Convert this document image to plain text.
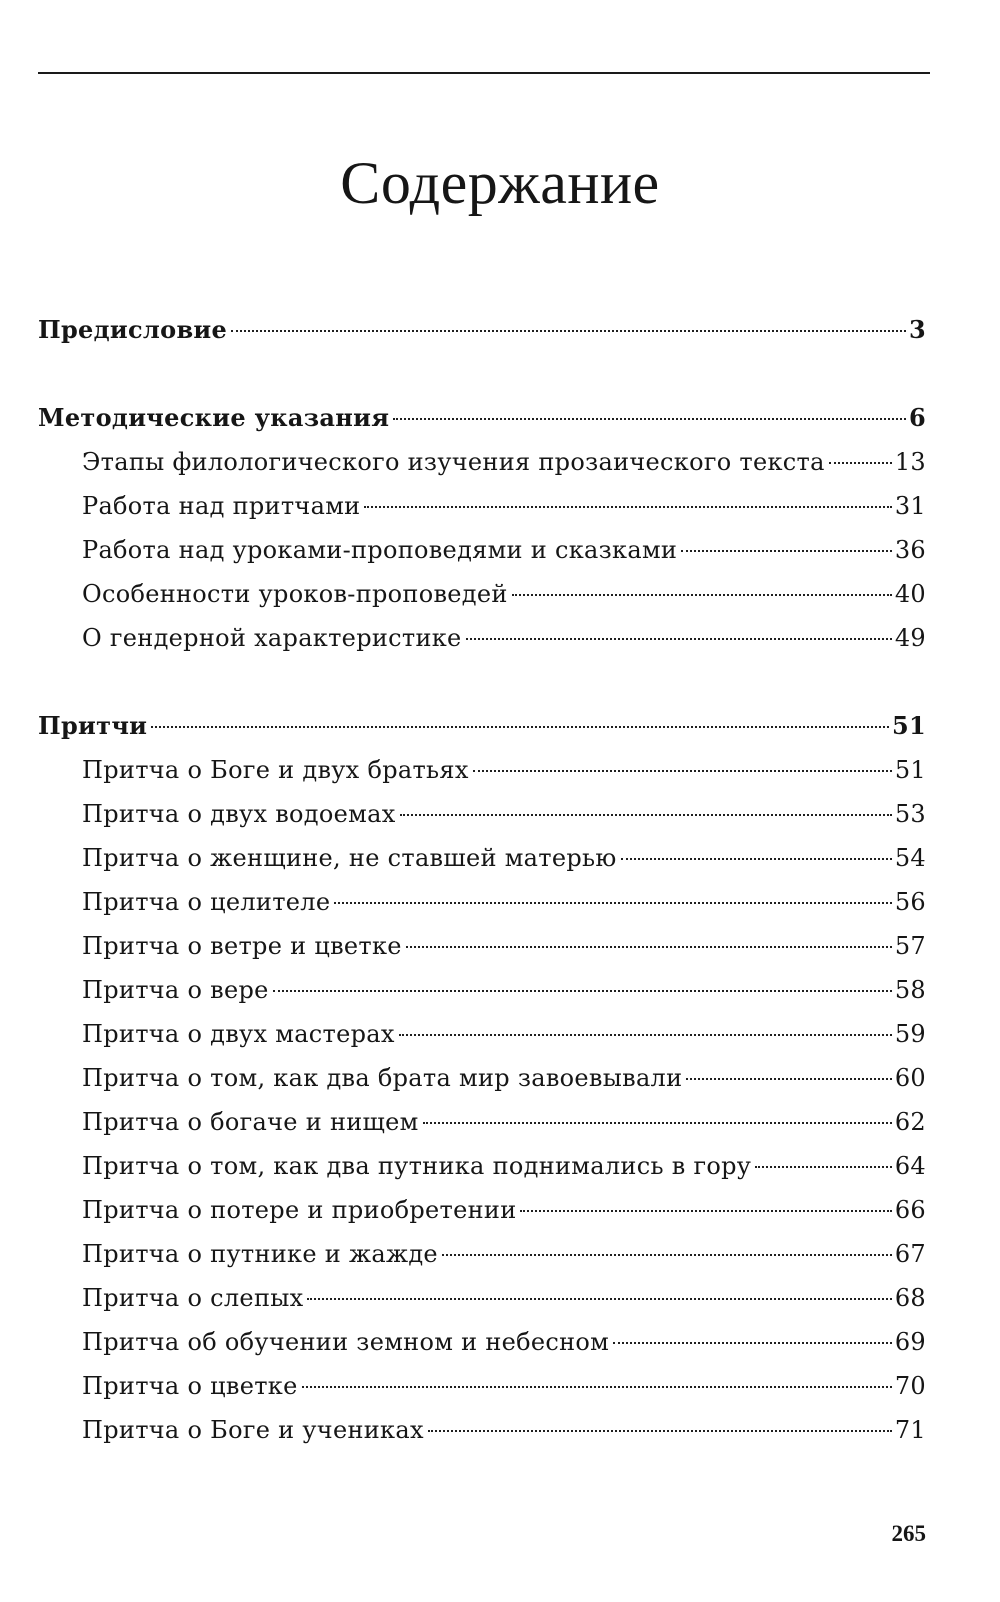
Содержание
Предисловие	3
Методические указания	6
Этапы филологического изучения прозаического текста	13
Работа над притчами	31
Работа над уроками-проповедями и сказками	36
Особенности уроков-проповедей	40
О гендерной характеристике	49
Притчи	51
Притча о Боге и двух братьях	51
Притча о двух водоемах	53
Притча о женщине, не ставшей матерью	54
Притча о целителе	56
Притча о ветре и цветке	57
Притча о вере	58
Притча о двух мастерах	59
Притча о том, как два брата мир завоевывали	60
Притча о богаче и нищем	62
Притча о том, как два путника поднимались в гору	64
Притча о потере и приобретении	66
Притча о путнике и жажде	67
Притча о слепых	68
Притча об обучении земном и небесном	69
Притча о цветке	70
Притча о Боге и учениках	71
265
